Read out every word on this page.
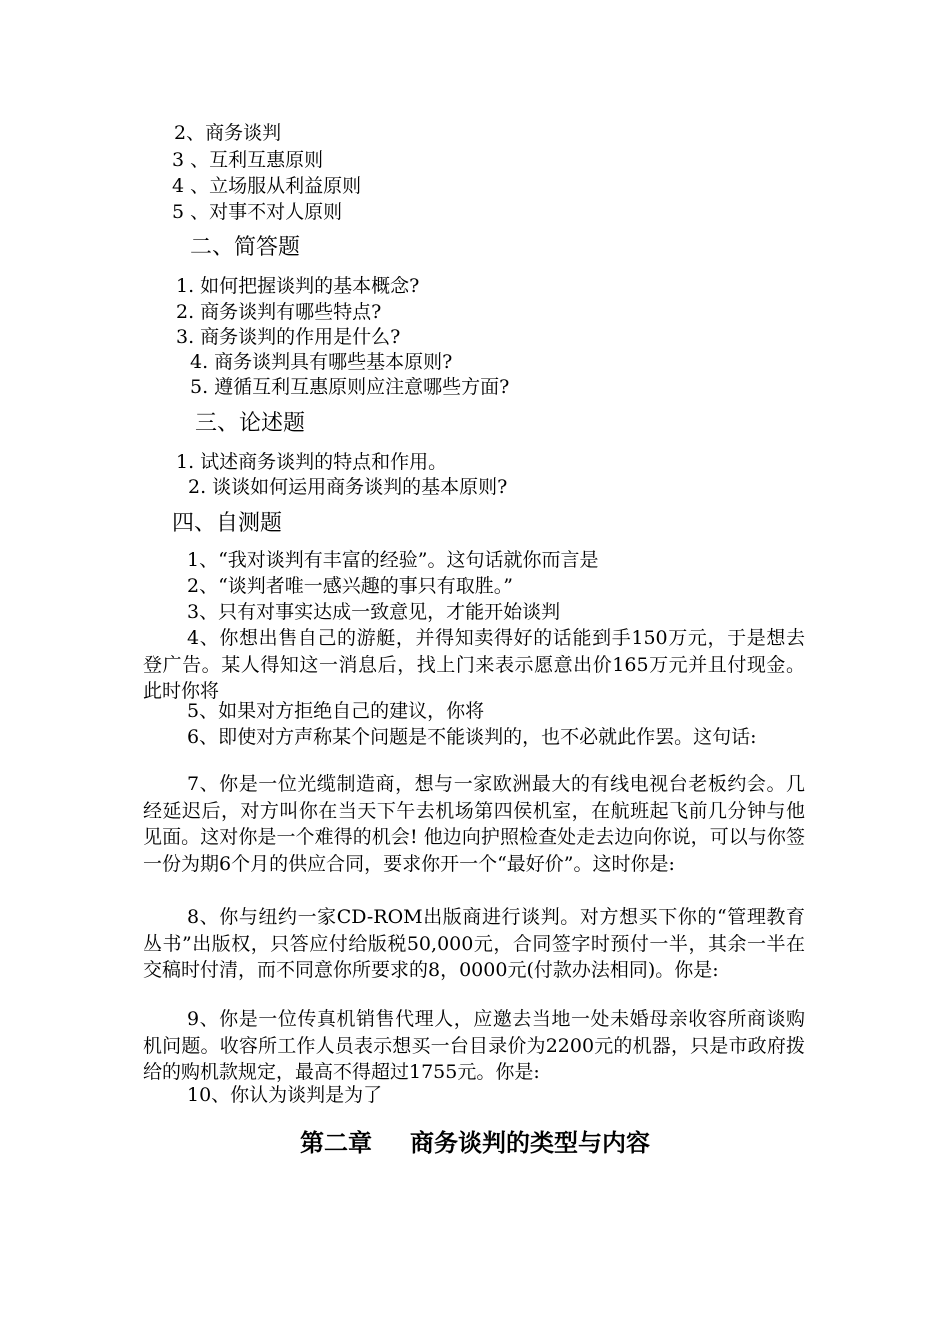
2、商务谈判

3 、互利互惠原则

4 、立场服从利益原则

5 、对事不对人原则

二、简答题

1. 如何把握谈判的基本概念?

2. 商务谈判有哪些特点?

3. 商务谈判的作用是什么?

4. 商务谈判具有哪些基本原则?

5. 遵循互利互惠原则应注意哪些方面?

三、论述题

1. 试述商务谈判的特点和作用。

2. 谈谈如何运用商务谈判的基本原则?

四、自测题

1、“我对谈判有丰富的经验”。这句话就你而言是

2、“谈判者唯一感兴趣的事只有取胜。”

3、只有对事实达成一致意见，才能开始谈判

4、你想出售自己的游艇，并得知卖得好的话能到手150万元，于是想去登广告。某人得知这一消息后，找上门来表示愿意出价165万元并且付现金。此时你将

5、如果对方拒绝自己的建议，你将

6、即使对方声称某个问题是不能谈判的，也不必就此作罢。这句话:

7、你是一位光缆制造商，想与一家欧洲最大的有线电视台老板约会。几经延迟后，对方叫你在当天下午去机场第四侯机室，在航班起飞前几分钟与他见面。这对你是一个难得的机会! 他边向护照检查处走去边向你说，可以与你签一份为期6个月的供应合同，要求你开一个“最好价”。这时你是:

8、你与纽约一家CD-ROM出版商进行谈判。对方想买下你的“管理教育丛书”出版权，只答应付给版税50,000元，合同签字时预付一半，其余一半在交稿时付清，而不同意你所要求的8，0000元(付款办法相同)。你是:

9、你是一位传真机销售代理人，应邀去当地一处未婚母亲收容所商谈购机问题。收容所工作人员表示想买一台目录价为2200元的机器，只是市政府拨给的购机款规定，最高不得超过1755元。你是:

10、你认为谈判是为了

第二章 商务谈判的类型与内容
